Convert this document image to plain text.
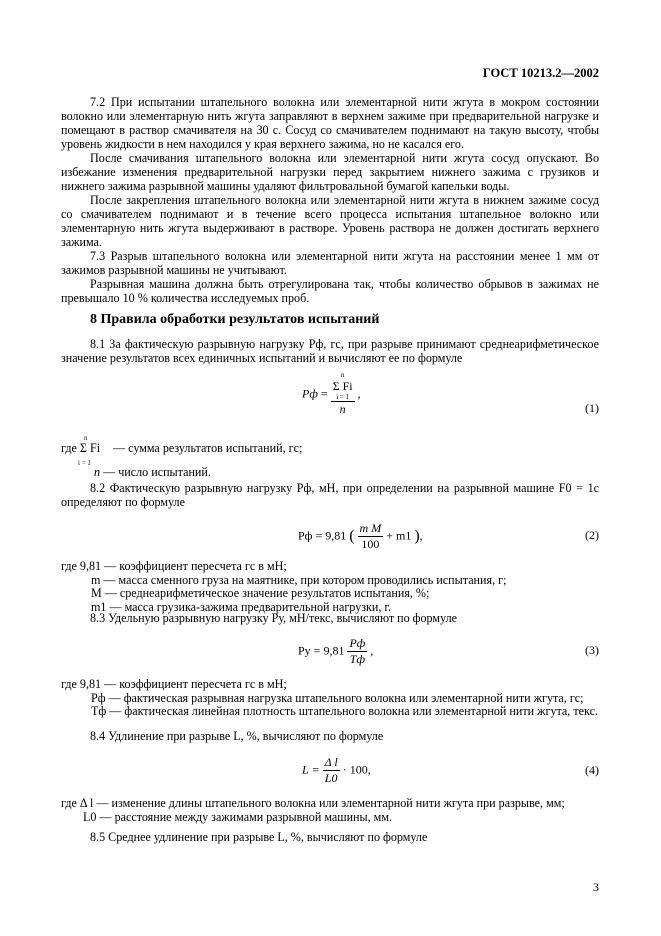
ГОСТ 10213.2—2002

7.2 При испытании штапельного волокна или элементарной нити жгута в мокром состоянии волокно или элементарную нить жгута заправляют в верхнем зажиме при предварительной нагрузке и помещают в раствор смачивателя на 30 с. Сосуд со смачивателем поднимают на такую высоту, чтобы уровень жидкости в нем находился у края верхнего зажима, но не касался его.

После смачивания штапельного волокна или элементарной нити жгута сосуд опускают. Во избежание изменения предварительной нагрузки перед закрытием нижнего зажима с грузиков и нижнего зажима разрывной машины удаляют фильтровальной бумагой капельки воды.

После закрепления штапельного волокна или элементарной нити жгута в нижнем зажиме сосуд со смачивателем поднимают и в течение всего процесса испытания штапельное волокно или элементарную нить жгута выдерживают в растворе. Уровень раствора не должен достигать верхнего зажима.

7.3 Разрыв штапельного волокна или элементарной нити жгута на расстоянии менее 1 мм от зажимов разрывной машины не учитывают.

Разрывная машина должна быть отрегулирована так, чтобы количество обрывов в зажимах не превышало 10 % количества исследуемых проб.

8 Правила обработки результатов испытаний

8.1 За фактическую разрывную нагрузку Pф, гс, при разрыве принимают среднеарифметическое значение результатов всех единичных испытаний и вычисляют ее по формуле

Pф = n
Σ Fi
i = 1
n ,
(1)
n
где Σ Fi
i = 1
— сумма результатов испытаний, гс;
n — число испытаний.

8.2 Фактическую разрывную нагрузку Pф, мН, при определении на разрывной машине F0 = 1c определяют по формуле

Pф = 9,81 ( $\frac{\text{m M}}{100} + m1$ ),	(2)
где 9,81 — коэффициент пересчета гс в мН;
m — масса сменного груза на маятнике, при котором проводились испытания, г;
M — среднеарифметическое значение результатов испытания, %;
m1 — масса грузика-зажима предварительной нагрузки, г.

8.3 Удельную разрывную нагрузку Pу, мН/текс, вычисляют по формуле

Pу = $9,81 \frac{Pф}{Tф}$ ,	(3)
где 9,81 — коэффициент пересчета гс в мН;
Pф — фактическая разрывная нагрузка штапельного волокна или элементарной нити жгута, гс;
Tф — фактическая линейная плотность штапельного волокна или элементарной нити жгута, текс.

8.4 Удлинение при разрыве L, %, вычисляют по формуле

$L = \frac{\text{Δ l}}{L0} \cdot 100$,	(4)
где Δ l — изменение длины штапельного волокна или элементарной нити жгута при разрыве, мм;
L0 — расстояние между зажимами разрывной машины, мм.

8.5 Среднее удлинение при разрыве L, %, вычисляют по формуле

3
